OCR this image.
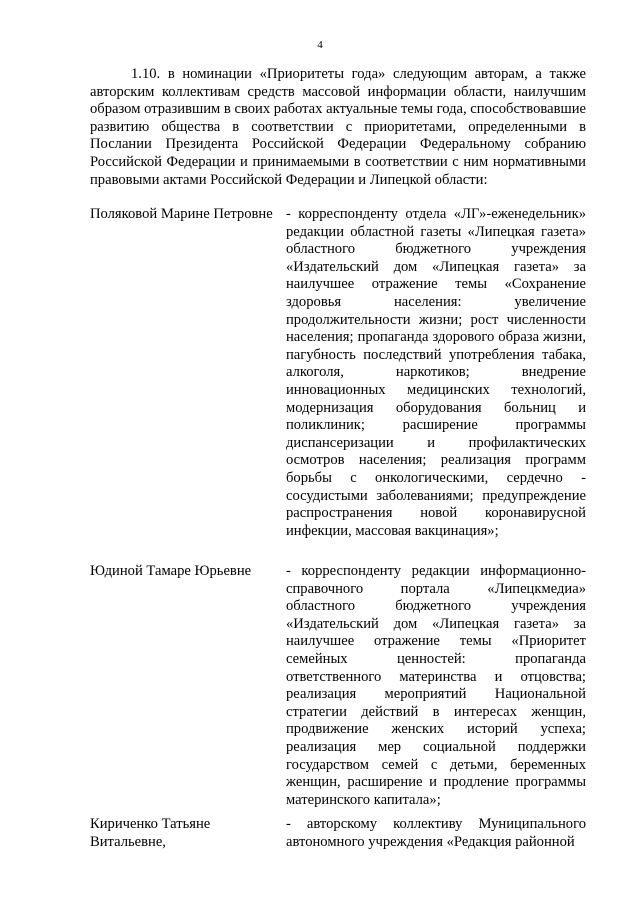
4

1.10. в номинации «Приоритеты года» следующим авторам, а также авторским коллективам средств массовой информации области, наилучшим образом отразившим в своих работах актуальные темы года, способствовавшие развитию общества в соответствии с приоритетами, определенными в Послании Президента Российской Федерации Федеральному собранию Российской Федерации и принимаемыми в соответствии с ним нормативными правовыми актами Российской Федерации и Липецкой области:

Поляковой Марине Петровне - корреспонденту отдела «ЛГ»-еженедельник» редакции областной газеты «Липецкая газета» областного бюджетного учреждения «Издательский дом «Липецкая газета» за наилучшее отражение темы «Сохранение здоровья населения: увеличение продолжительности жизни; рост численности населения; пропаганда здорового образа жизни, пагубность последствий употребления табака, алкоголя, наркотиков; внедрение инновационных медицинских технологий, модернизация оборудования больниц и поликлиник; расширение программы диспансеризации и профилактических осмотров населения; реализация программ борьбы с онкологическими, сердечно - сосудистыми заболеваниями; предупреждение распространения новой коронавирусной инфекции, массовая вакцинация»;

Юдиной Тамаре Юрьевне	- корреспонденту редакции информационно-справочного портала «Липецкмедиа» областного бюджетного учреждения «Издательский дом «Липецкая газета» за наилучшее отражение темы «Приоритет семейных ценностей: пропаганда ответственного материнства и отцовства; реализация мероприятий Национальной стратегии действий в интересах женщин, продвижение женских историй успеха; реализация мер социальной поддержки государством семей с детьми, беременных женщин, расширение и продление программы материнского капитала»;

Кириченко Татьяне Витальевне,

- авторскому коллективу Муниципального автономного учреждения «Редакция районной
